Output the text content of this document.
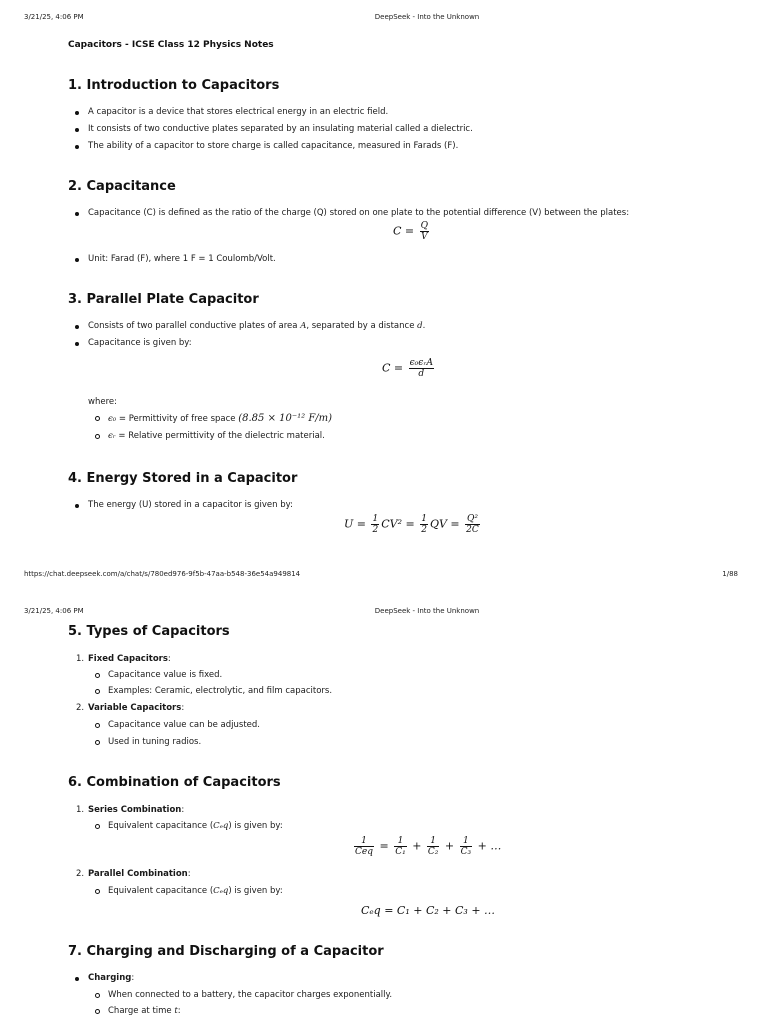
3/21/25, 4:06 PM	DeepSeek - Into the Unknown
Capacitors - ICSE Class 12 Physics Notes
1. Introduction to Capacitors
A capacitor is a device that stores electrical energy in an electric field.
It consists of two conductive plates separated by an insulating material called a dielectric.
The ability of a capacitor to store charge is called capacitance, measured in Farads (F).
2. Capacitance
Capacitance (C) is defined as the ratio of the charge (Q) stored on one plate to the potential difference (V) between the plates:
$C = \frac{Q}{V}$
Unit: Farad (F), where 1 F = 1 Coulomb/Volt.
3. Parallel Plate Capacitor
Consists of two parallel conductive plates of area A, separated by a distance d.
Capacitance is given by:
$C = \frac{\text{ϵ₀ϵᵣA}}{d}$
where:
ϵ₀ = Permittivity of free space (8.85 × 10⁻¹² F/m)
ϵᵣ = Relative permittivity of the dielectric material.
4. Energy Stored in a Capacitor
The energy (U) stored in a capacitor is given by:
$U = \frac{1}{2} CV^2 = \frac{1}{2}$ QV = $\frac{\text{Q²}}{2C}$
https://chat.deepseek.com/a/chat/s/780ed976-9f5b-47aa-b548-36e54a949814	1/88
3/21/25, 4:06 PM	DeepSeek - Into the Unknown
5. Types of Capacitors
1. Fixed Capacitors:
Capacitance value is fixed.
Examples: Ceramic, electrolytic, and film capacitors.
2. Variable Capacitors:
Capacitance value can be adjusted.
Used in tuning radios.
6. Combination of Capacitors
1. Series Combination:
Equivalent capacitance (Cₑq) is given by:
$\frac{1}{\text{Ceq}} = \frac{1}{\text{C₁}} + \frac{1}{\text{C₂}} + \frac{1}{\text{C₃}}$ + …
2. Parallel Combination:
Equivalent capacitance (Cₑq) is given by:
Cₑq = C₁ + C₂ + C₃ + …
7. Charging and Discharging of a Capacitor
Charging:
When connected to a battery, the capacitor charges exponentially.
Charge at time t:
